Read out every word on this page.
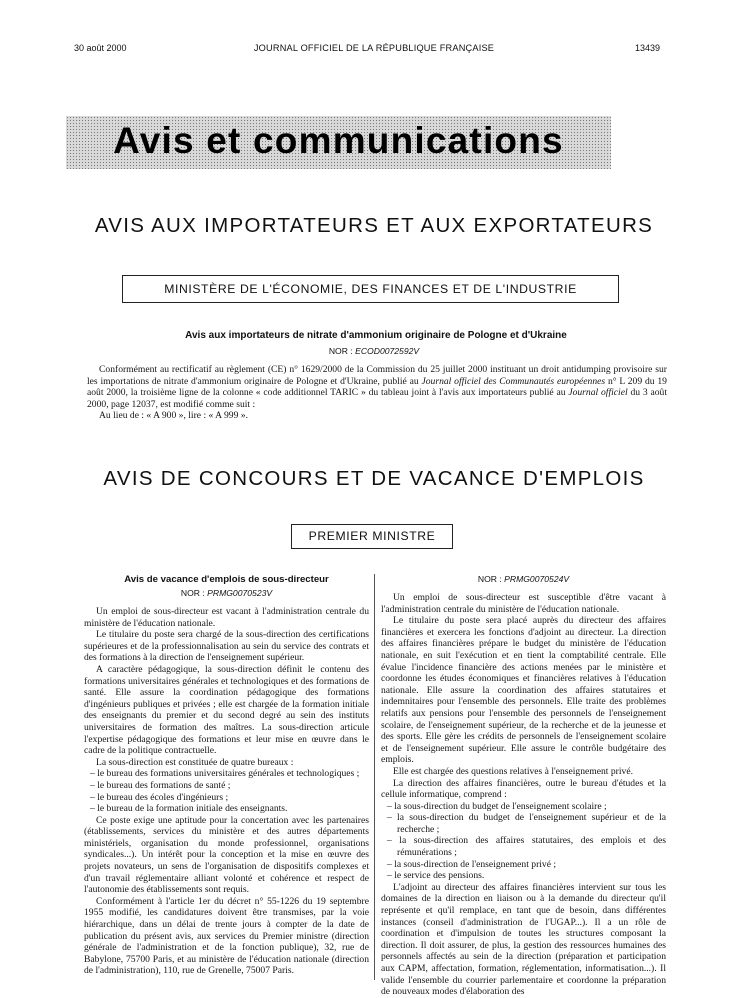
30 août 2000	JOURNAL OFFICIEL DE LA RÉPUBLIQUE FRANÇAISE	13439
Avis et communications
AVIS AUX IMPORTATEURS ET AUX EXPORTATEURS
MINISTÈRE DE L'ÉCONOMIE, DES FINANCES ET DE L'INDUSTRIE
Avis aux importateurs de nitrate d'ammonium originaire de Pologne et d'Ukraine
NOR : ECOD0072592V

Conformément au rectificatif au règlement (CE) n° 1629/2000 de la Commission du 25 juillet 2000 instituant un droit antidumping provisoire sur les importations de nitrate d'ammonium originaire de Pologne et d'Ukraine, publié au Journal officiel des Communautés européennes n° L 209 du 19 août 2000, la troisième ligne de la colonne « code additionnel TARIC » du tableau joint à l'avis aux importateurs publié au Journal officiel du 3 août 2000, page 12037, est modifié comme suit :

Au lieu de : « A 900 », lire : « A 999 ».

AVIS DE CONCOURS ET DE VACANCE D'EMPLOIS
PREMIER MINISTRE
Avis de vacance d'emplois de sous-directeur
NOR : PRMG0070523V

Un emploi de sous-directeur est vacant à l'administration centrale du ministère de l'éducation nationale.

Le titulaire du poste sera chargé de la sous-direction des certifications supérieures et de la professionnalisation au sein du service des contrats et des formations à la direction de l'enseignement supérieur.

A caractère pédagogique, la sous-direction définit le contenu des formations universitaires générales et technologiques et des formations de santé. Elle assure la coordination pédagogique des formations d'ingénieurs publiques et privées ; elle est chargée de la formation initiale des enseignants du premier et du second degré au sein des instituts universitaires de formation des maîtres. La sous-direction articule l'expertise pédagogique des formations et leur mise en œuvre dans le cadre de la politique contractuelle.

La sous-direction est constituée de quatre bureaux :

– le bureau des formations universitaires générales et technologiques ;
– le bureau des formations de santé ;
– le bureau des écoles d'ingénieurs ;
– le bureau de la formation initiale des enseignants.

Ce poste exige une aptitude pour la concertation avec les partenaires (établissements, services du ministère et des autres départements ministériels, organisation du monde professionnel, organisations syndicales...). Un intérêt pour la conception et la mise en œuvre des projets novateurs, un sens de l'organisation de dispositifs complexes et d'un travail réglementaire alliant volonté et cohérence et respect de l'autonomie des établissements sont requis.

Conformément à l'article 1er du décret n° 55-1226 du 19 septembre 1955 modifié, les candidatures doivent être transmises, par la voie hiérarchique, dans un délai de trente jours à compter de la date de publication du présent avis, aux services du Premier ministre (direction générale de l'administration et de la fonction publique), 32, rue de Babylone, 75700 Paris, et au ministère de l'éducation nationale (direction de l'administration), 110, rue de Grenelle, 75007 Paris.

NOR : PRMG0070524V

Un emploi de sous-directeur est susceptible d'être vacant à l'administration centrale du ministère de l'éducation nationale.

Le titulaire du poste sera placé auprès du directeur des affaires financières et exercera les fonctions d'adjoint au directeur. La direction des affaires financières prépare le budget du ministère de l'éducation nationale, en suit l'exécution et en tient la comptabilité centrale. Elle évalue l'incidence financière des actions menées par le ministère et coordonne les études économiques et financières relatives à l'éducation nationale. Elle assure la coordination des affaires statutaires et indemnitaires pour l'ensemble des personnels. Elle traite des problèmes relatifs aux pensions pour l'ensemble des personnels de l'enseignement scolaire, de l'enseignement supérieur, de la recherche et de la jeunesse et des sports. Elle gère les crédits de personnels de l'enseignement scolaire et de l'enseignement supérieur. Elle assure le contrôle budgétaire des emplois.

Elle est chargée des questions relatives à l'enseignement privé.

La direction des affaires financières, outre le bureau d'études et la cellule informatique, comprend :

– la sous-direction du budget de l'enseignement scolaire ;
– la sous-direction du budget de l'enseignement supérieur et de la recherche ;
– la sous-direction des affaires statutaires, des emplois et des rémunérations ;
– la sous-direction de l'enseignement privé ;
– le service des pensions.

L'adjoint au directeur des affaires financières intervient sur tous les domaines de la direction en liaison ou à la demande du directeur qu'il représente et qu'il remplace, en tant que de besoin, dans différentes instances (conseil d'administration de l'UGAP...). Il a un rôle de coordination et d'impulsion de toutes les structures composant la direction. Il doit assurer, de plus, la gestion des ressources humaines des personnels affectés au sein de la direction (préparation et participation aux CAPM, affectation, formation, réglementation, informatisation...). Il valide l'ensemble du courrier parlementaire et coordonne la préparation de nouveaux modes d'élaboration des
